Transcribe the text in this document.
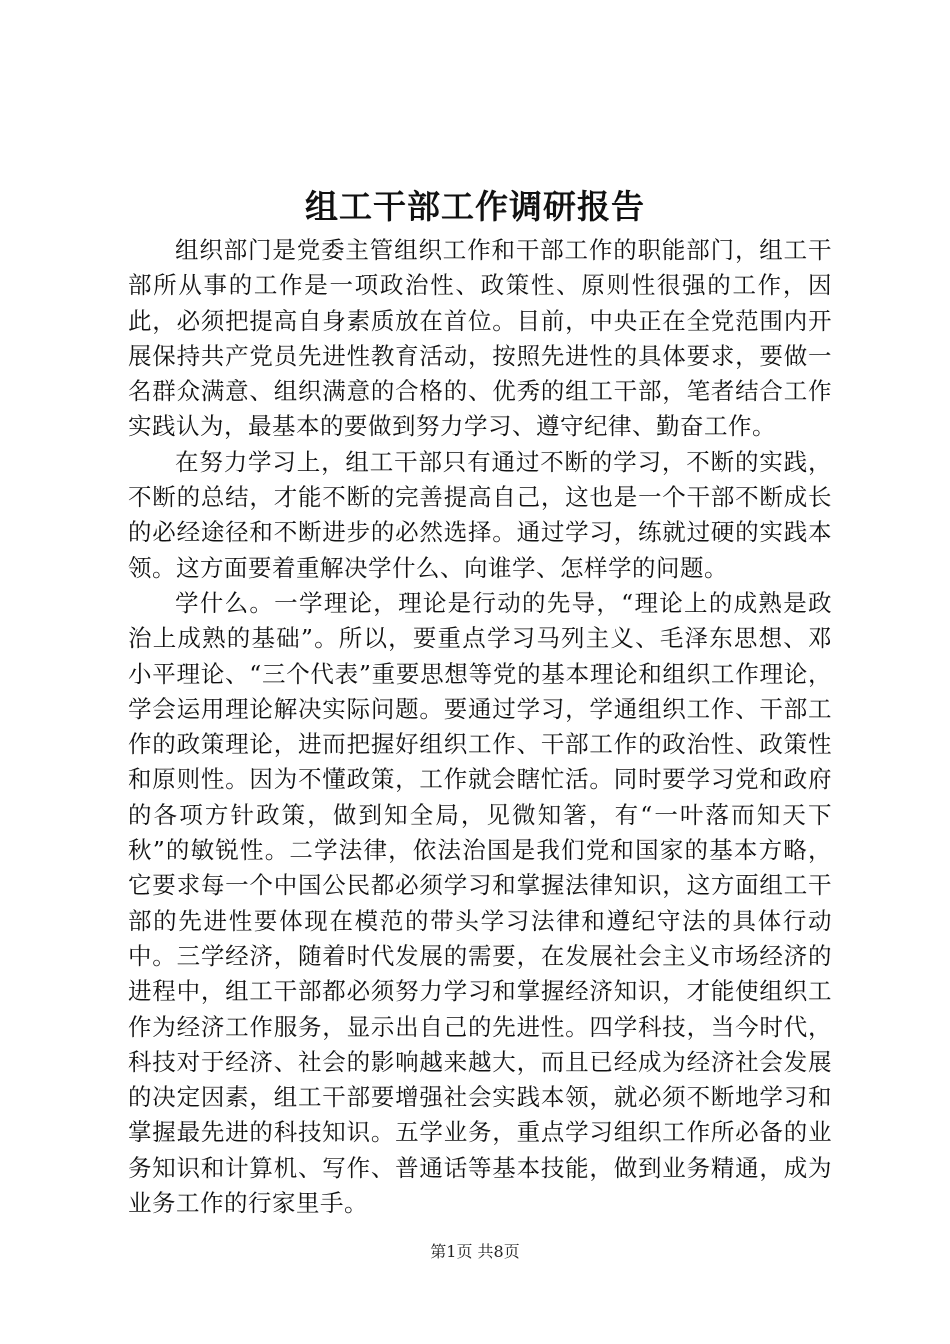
组工干部工作调研报告

组织部门是党委主管组织工作和干部工作的职能部门，组工干部所从事的工作是一项政治性、政策性、原则性很强的工作，因此，必须把提高自身素质放在首位。目前，中央正在全党范围内开展保持共产党员先进性教育活动，按照先进性的具体要求，要做一名群众满意、组织满意的合格的、优秀的组工干部，笔者结合工作实践认为，最基本的要做到努力学习、遵守纪律、勤奋工作。

在努力学习上，组工干部只有通过不断的学习，不断的实践，不断的总结，才能不断的完善提高自己，这也是一个干部不断成长的必经途径和不断进步的必然选择。通过学习，练就过硬的实践本领。这方面要着重解决学什么、向谁学、怎样学的问题。

学什么。一学理论，理论是行动的先导，“理论上的成熟是政治上成熟的基础”。所以，要重点学习马列主义、毛泽东思想、邓小平理论、“三个代表”重要思想等党的基本理论和组织工作理论，学会运用理论解决实际问题。要通过学习，学通组织工作、干部工作的政策理论，进而把握好组织工作、干部工作的政治性、政策性和原则性。因为不懂政策，工作就会瞎忙活。同时要学习党和政府的各项方针政策，做到知全局，见微知箸，有“一叶落而知天下秋”的敏锐性。二学法律，依法治国是我们党和国家的基本方略，它要求每一个中国公民都必须学习和掌握法律知识，这方面组工干部的先进性要体现在模范的带头学习法律和遵纪守法的具体行动中。三学经济，随着时代发展的需要，在发展社会主义市场经济的进程中，组工干部都必须努力学习和掌握经济知识，才能使组织工作为经济工作服务，显示出自己的先进性。四学科技，当今时代，科技对于经济、社会的影响越来越大，而且已经成为经济社会发展的决定因素，组工干部要增强社会实践本领，就必须不断地学习和掌握最先进的科技知识。五学业务，重点学习组织工作所必备的业务知识和计算机、写作、普通话等基本技能，做到业务精通，成为业务工作的行家里手。

第1页 共8页
